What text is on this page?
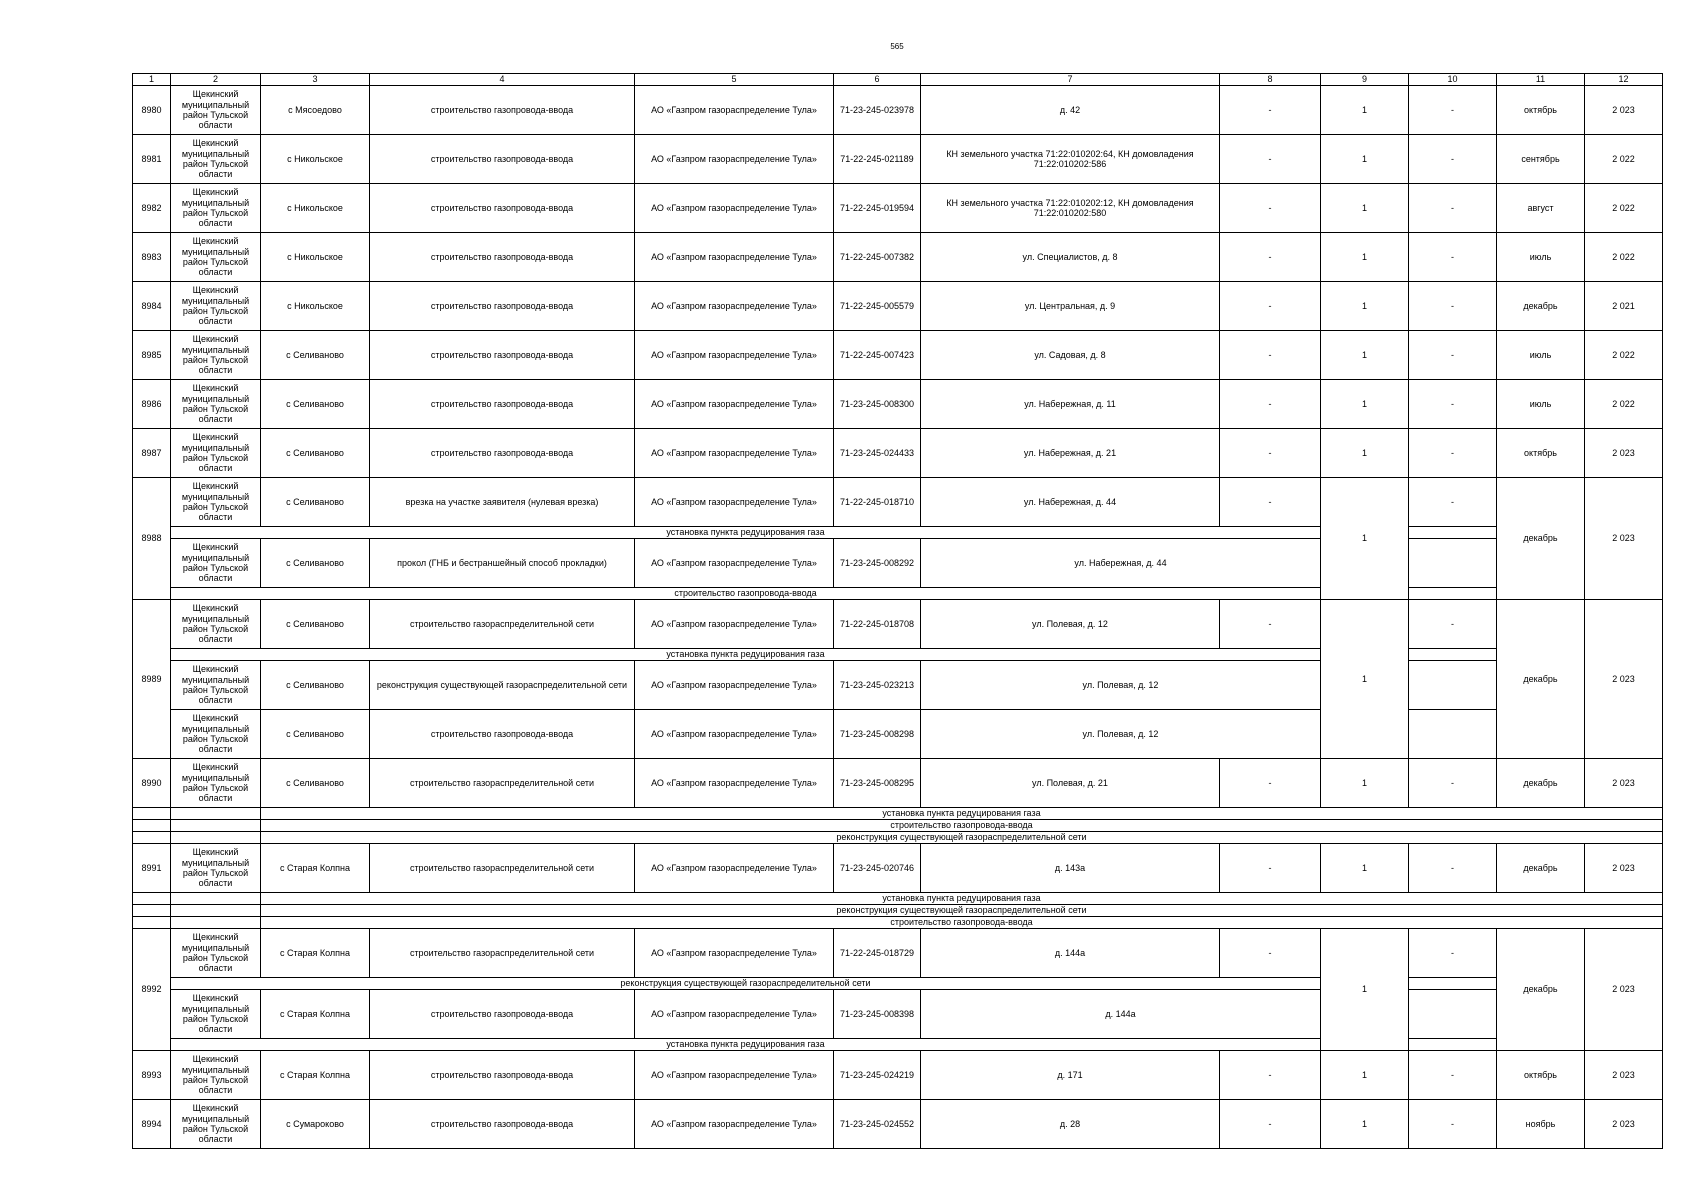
565
1	2	3	4	5	6	7	8	9	10	11	12
8980	Щекинский муниципальный район Тульской области	с Мясоедово	строительство газопровода-ввода	АО «Газпром газораспределение Тула»	71-23-245-023978	д. 42	-	1	-	октябрь	2 023
8981	Щекинский муниципальный район Тульской области	с Никольское	строительство газопровода-ввода	АО «Газпром газораспределение Тула»	71-22-245-021189	КН земельного участка 71:22:010202:64, КН домовладения 71:22:010202:586	-	1	-	сентябрь	2 022
8982	Щекинский муниципальный район Тульской области	с Никольское	строительство газопровода-ввода	АО «Газпром газораспределение Тула»	71-22-245-019594	КН земельного участка 71:22:010202:12, КН домовладения 71:22:010202:580	-	1	-	август	2 022
8983	Щекинский муниципальный район Тульской области	с Никольское	строительство газопровода-ввода	АО «Газпром газораспределение Тула»	71-22-245-007382	ул. Специалистов, д. 8	-	1	-	июль	2 022
8984	Щекинский муниципальный район Тульской области	с Никольское	строительство газопровода-ввода	АО «Газпром газораспределение Тула»	71-22-245-005579	ул. Центральная, д. 9	-	1	-	декабрь	2 021
8985	Щекинский муниципальный район Тульской области	с Селиваново	строительство газопровода-ввода	АО «Газпром газораспределение Тула»	71-22-245-007423	ул. Садовая, д. 8	-	1	-	июль	2 022
8986	Щекинский муниципальный район Тульской области	с Селиваново	строительство газопровода-ввода	АО «Газпром газораспределение Тула»	71-23-245-008300	ул. Набережная, д. 11	-	1	-	июль	2 022
8987	Щекинский муниципальный район Тульской области	с Селиваново	строительство газопровода-ввода	АО «Газпром газораспределение Тула»	71-23-245-024433	ул. Набережная, д. 21	-	1	-	октябрь	2 023
8988	Щекинский муниципальный район Тульской области	с Селиваново	врезка на участке заявителя (нулевая врезка)	АО «Газпром газораспределение Тула»	71-22-245-018710	ул. Набережная, д. 44	-	1	-	декабрь	2 023
	установка пункта редуцирования газа										
	Щекинский муниципальный район Тульской области	с Селиваново	прокол (ГНБ и бестраншейный способ прокладки)	АО «Газпром газораспределение Тула»	71-23-245-008292	ул. Набережная, д. 44					
	строительство газопровода-ввода										
8989	Щекинский муниципальный район Тульской области	с Селиваново	строительство газораспределительной сети	АО «Газпром газораспределение Тула»	71-22-245-018708	ул. Полевая, д. 12	-	1	-	декабрь	2 023
	установка пункта редуцирования газа										
	Щекинский муниципальный район Тульской области	с Селиваново	реконструкция существующей газораспределительной сети	АО «Газпром газораспределение Тула»	71-23-245-023213	ул. Полевая, д. 12					
	Щекинский муниципальный район Тульской области	с Селиваново	строительство газопровода-ввода	АО «Газпром газораспределение Тула»	71-23-245-008298	ул. Полевая, д. 12					
8990	Щекинский муниципальный район Тульской области	с Селиваново	строительство газораспределительной сети	АО «Газпром газораспределение Тула»	71-23-245-008295	ул. Полевая, д. 21	-	1	-	декабрь	2 023
		установка пункта редуцирования газа									
		строительство газопровода-ввода									
		реконструкция существующей газораспределительной сети									
8991	Щекинский муниципальный район Тульской области	с Старая Колпна	строительство газораспределительной сети	АО «Газпром газораспределение Тула»	71-23-245-020746	д. 143а	-	1	-	декабрь	2 023
		установка пункта редуцирования газа									
		реконструкция существующей газораспределительной сети									
		строительство газопровода-ввода									
8992	Щекинский муниципальный район Тульской области	с Старая Колпна	строительство газораспределительной сети	АО «Газпром газораспределение Тула»	71-22-245-018729	д. 144а	-	1	-	декабрь	2 023
	реконструкция существующей газораспределительной сети										
	Щекинский муниципальный район Тульской области	с Старая Колпна	строительство газопровода-ввода	АО «Газпром газораспределение Тула»	71-23-245-008398	д. 144а					
	установка пункта редуцирования газа										
8993	Щекинский муниципальный район Тульской области	с Старая Колпна	строительство газопровода-ввода	АО «Газпром газораспределение Тула»	71-23-245-024219	д. 171	-	1	-	октябрь	2 023
8994	Щекинский муниципальный район Тульской области	с Сумароково	строительство газопровода-ввода	АО «Газпром газораспределение Тула»	71-23-245-024552	д. 28	-	1	-	ноябрь	2 023
